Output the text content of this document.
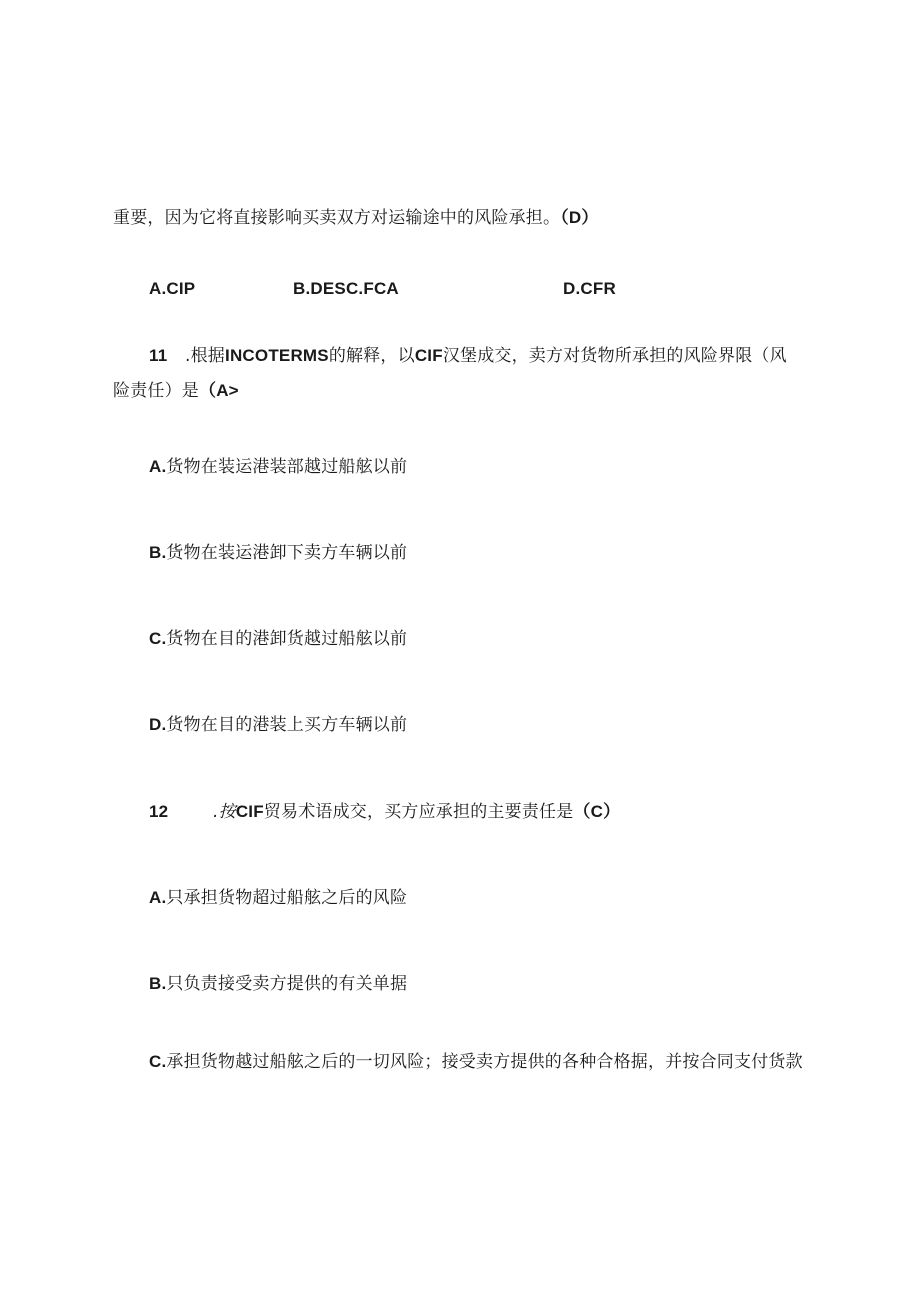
重要，因为它将直接影响买卖双方对运输途中的风险承担。（D）
A.CIP	B.DESC.FCA	D.CFR
11 .根据INCOTERMS的解释，以CIF汉堡成交，卖方对货物所承担的风险界限（风
险责任）是（A>
A.货物在装运港装部越过船舷以前
B.货物在装运港卸下卖方车辆以前
C.货物在目的港卸货越过船舷以前
D.货物在目的港装上买方车辆以前
12	.按CIF贸易术语成交，买方应承担的主要责任是（C）
A.只承担货物超过船舷之后的风险
B.只负责接受卖方提供的有关单据
C.承担货物越过船舷之后的一切风险；接受卖方提供的各种合格据，并按合同支付货款
